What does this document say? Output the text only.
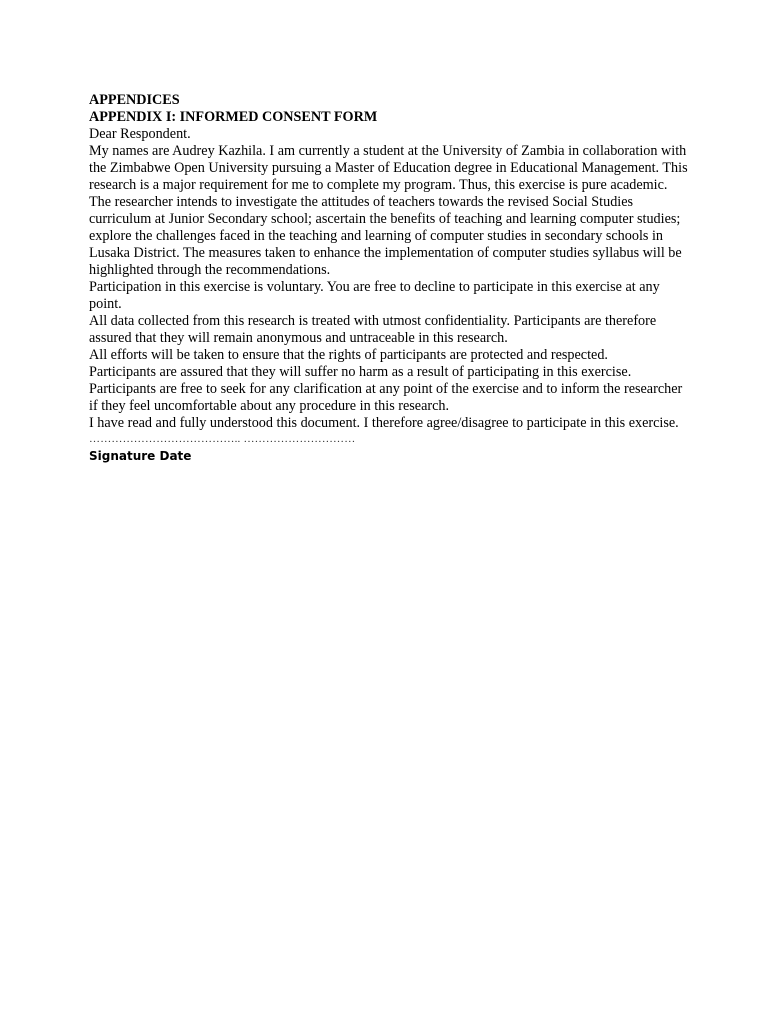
APPENDICES

APPENDIX I: INFORMED CONSENT FORM

Dear Respondent.

My names are Audrey Kazhila. I am currently a student at the University of Zambia in collaboration with the Zimbabwe Open University pursuing a Master of Education degree in Educational Management. This research is a major requirement for me to complete my program. Thus, this exercise is pure academic.

The researcher intends to investigate the attitudes of teachers towards the revised Social Studies curriculum at Junior Secondary school; ascertain the benefits of teaching and learning computer studies; explore the challenges faced in the teaching and learning of computer studies in secondary schools in Lusaka District. The measures taken to enhance the implementation of computer studies syllabus will be highlighted through the recommendations.

Participation in this exercise is voluntary. You are free to decline to participate in this exercise at any point.

All data collected from this research is treated with utmost confidentiality. Participants are therefore assured that they will remain anonymous and untraceable in this research.

All efforts will be taken to ensure that the rights of participants are protected and respected.

Participants are assured that they will suffer no harm as a result of participating in this exercise.

Participants are free to seek for any clarification at any point of the exercise and to inform the researcher if they feel uncomfortable about any procedure in this research.

I have read and fully understood this document. I therefore agree/disagree to participate in this exercise.

………………………………….. …………………………

Signature Date
